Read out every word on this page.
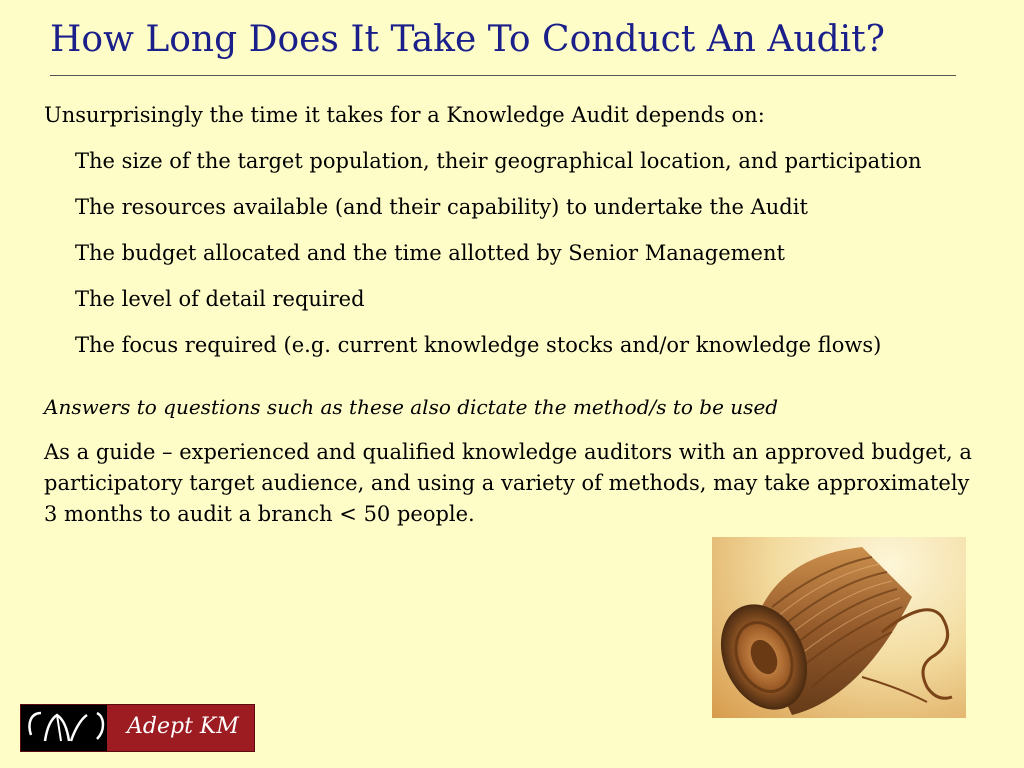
How Long Does It Take To Conduct An Audit?

Unsurprisingly the time it takes for a Knowledge Audit depends on:

The size of the target population, their geographical location, and participation

The resources available (and their capability) to undertake the Audit

The budget allocated and the time allotted by Senior Management

The level of detail required

The focus required (e.g. current knowledge stocks and/or knowledge flows)

Answers to questions such as these also dictate the method/s to be used

As a guide – experienced and qualified knowledge auditors with an approved budget, a participatory target audience, and using a variety of methods, may take approximately 3 months to audit a branch < 50 people.

Adept KM
